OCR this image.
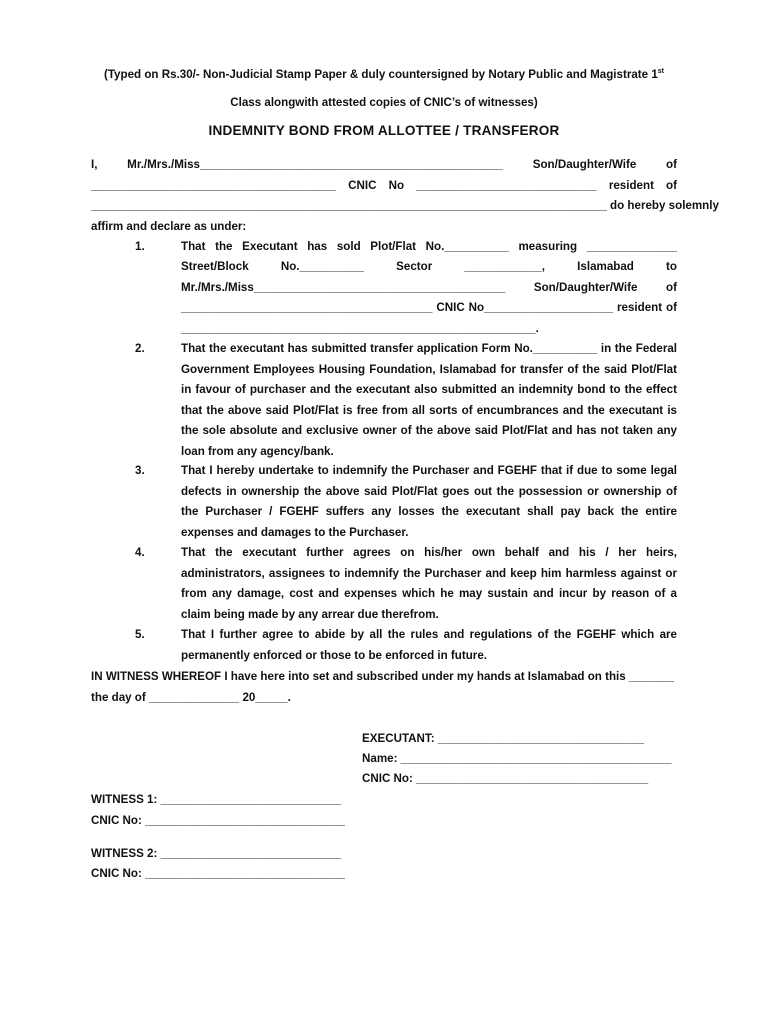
(Typed on Rs.30/- Non-Judicial Stamp Paper & duly countersigned by Notary Public and Magistrate 1st
Class alongwith attested copies of CNIC’s of witnesses)
INDEMNITY BOND FROM ALLOTTEE / TRANSFEROR
I, Mr./Mrs./Miss_______________________________________________ Son/Daughter/Wife of
______________________________________ CNIC No ____________________________ resident of
________________________________________________________________________________ do hereby solemnly
affirm and declare as under:
1.	That the Executant has sold Plot/Flat No.__________ measuring ______________
Street/Block No.__________ Sector ____________, Islamabad to
Mr./Mrs./Miss_______________________________________ Son/Daughter/Wife of
_______________________________________ CNIC No____________________ resident of
_______________________________________________________.
2.	That the executant has submitted transfer application Form No.__________ in the Federal Government Employees Housing Foundation, Islamabad for transfer of the said Plot/Flat in favour of purchaser and the executant also submitted an indemnity bond to the effect that the above said Plot/Flat is free from all sorts of encumbrances and the executant is the sole absolute and exclusive owner of the above said Plot/Flat and has not taken any loan from any agency/bank.
3.	That I hereby undertake to indemnify the Purchaser and FGEHF that if due to some legal defects in ownership the above said Plot/Flat goes out the possession or ownership of the Purchaser / FGEHF suffers any losses the executant shall pay back the entire expenses and damages to the Purchaser.
4.	That the executant further agrees on his/her own behalf and his / her heirs, administrators, assignees to indemnify the Purchaser and keep him harmless against or from any damage, cost and expenses which he may sustain and incur by reason of a claim being made by any arrear due therefrom.
5.	That I further agree to abide by all the rules and regulations of the FGEHF which are permanently enforced or those to be enforced in future.
IN WITNESS WHEREOF I have here into set and subscribed under my hands at Islamabad on this _______
the day of ______________ 20_____.
EXECUTANT: ________________________________
Name: __________________________________________
CNIC No: ____________________________________
WITNESS 1: ____________________________
CNIC No: _______________________________
WITNESS 2: ____________________________
CNIC No: _______________________________
